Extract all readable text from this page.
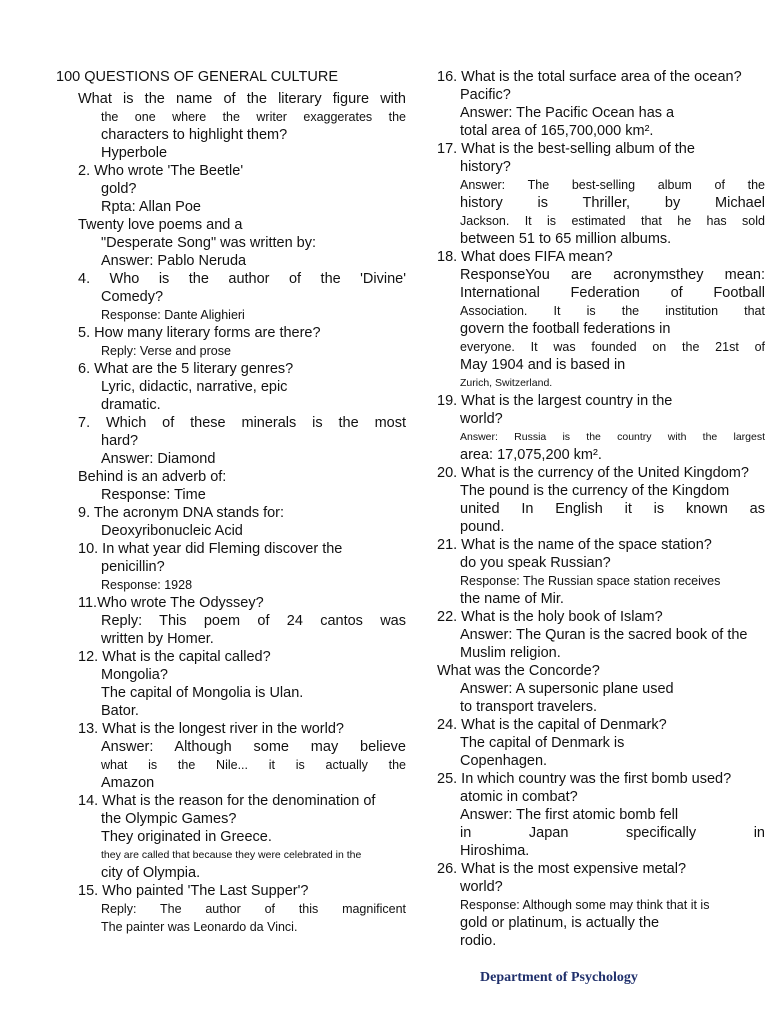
100 QUESTIONS OF GENERAL CULTURE
What is the name of the literary figure with
the one where the writer exaggerates the
characters to highlight them?
Hyperbole
2. Who wrote 'The Beetle'
gold?
Rpta: Allan Poe
Twenty love poems and a
"Desperate Song" was written by:
Answer: Pablo Neruda
4. Who is the author of the 'Divine'
Comedy?
Response: Dante Alighieri
5. How many literary forms are there?
Reply: Verse and prose
6. What are the 5 literary genres?
Lyric, didactic, narrative, epic
dramatic.
7. Which of these minerals is the most
hard?
Answer: Diamond
Behind is an adverb of:
Response: Time
9. The acronym DNA stands for:
Deoxyribonucleic Acid
10. In what year did Fleming discover the
penicillin?
Response: 1928
11.Who wrote The Odyssey?
Reply: This poem of 24 cantos was
written by Homer.
12. What is the capital called?
Mongolia?
The capital of Mongolia is Ulan.
Bator.
13. What is the longest river in the world?
Answer: Although some may believe
what is the Nile... it is actually the
Amazon
14. What is the reason for the denomination of
the Olympic Games?
They originated in Greece.
they are called that because they were celebrated in the
city of Olympia.
15. Who painted 'The Last Supper'?
Reply: The author of this magnificent
The painter was Leonardo da Vinci.
16. What is the total surface area of the ocean?
Pacific?
Answer: The Pacific Ocean has a
total area of 165,700,000 km².
17. What is the best-selling album of the
history?
Answer: The best-selling album of the
history is Thriller, by Michael
Jackson. It is estimated that he has sold
between 51 to 65 million albums.
18. What does FIFA mean?
ResponseYou are acronymsthey mean:
International Federation of Football
Association. It is the institution that
govern the football federations in
everyone. It was founded on the 21st of
May 1904 and is based in
Zurich, Switzerland.
19. What is the largest country in the
world?
Answer: Russia is the country with the largest
area: 17,075,200 km².
20. What is the currency of the United Kingdom?
The pound is the currency of the Kingdom
united In English it is known as
pound.
21. What is the name of the space station?
do you speak Russian?
Response: The Russian space station receives
the name of Mir.
22. What is the holy book of Islam?
Answer: The Quran is the sacred book of the
Muslim religion.
What was the Concorde?
Answer: A supersonic plane used
to transport travelers.
24. What is the capital of Denmark?
The capital of Denmark is
Copenhagen.
25. In which country was the first bomb used?
atomic in combat?
Answer: The first atomic bomb fell
in Japan specifically in
Hiroshima.
26. What is the most expensive metal?
world?
Response: Although some may think that it is
gold or platinum, is actually the
rodio.
Department of Psychology
